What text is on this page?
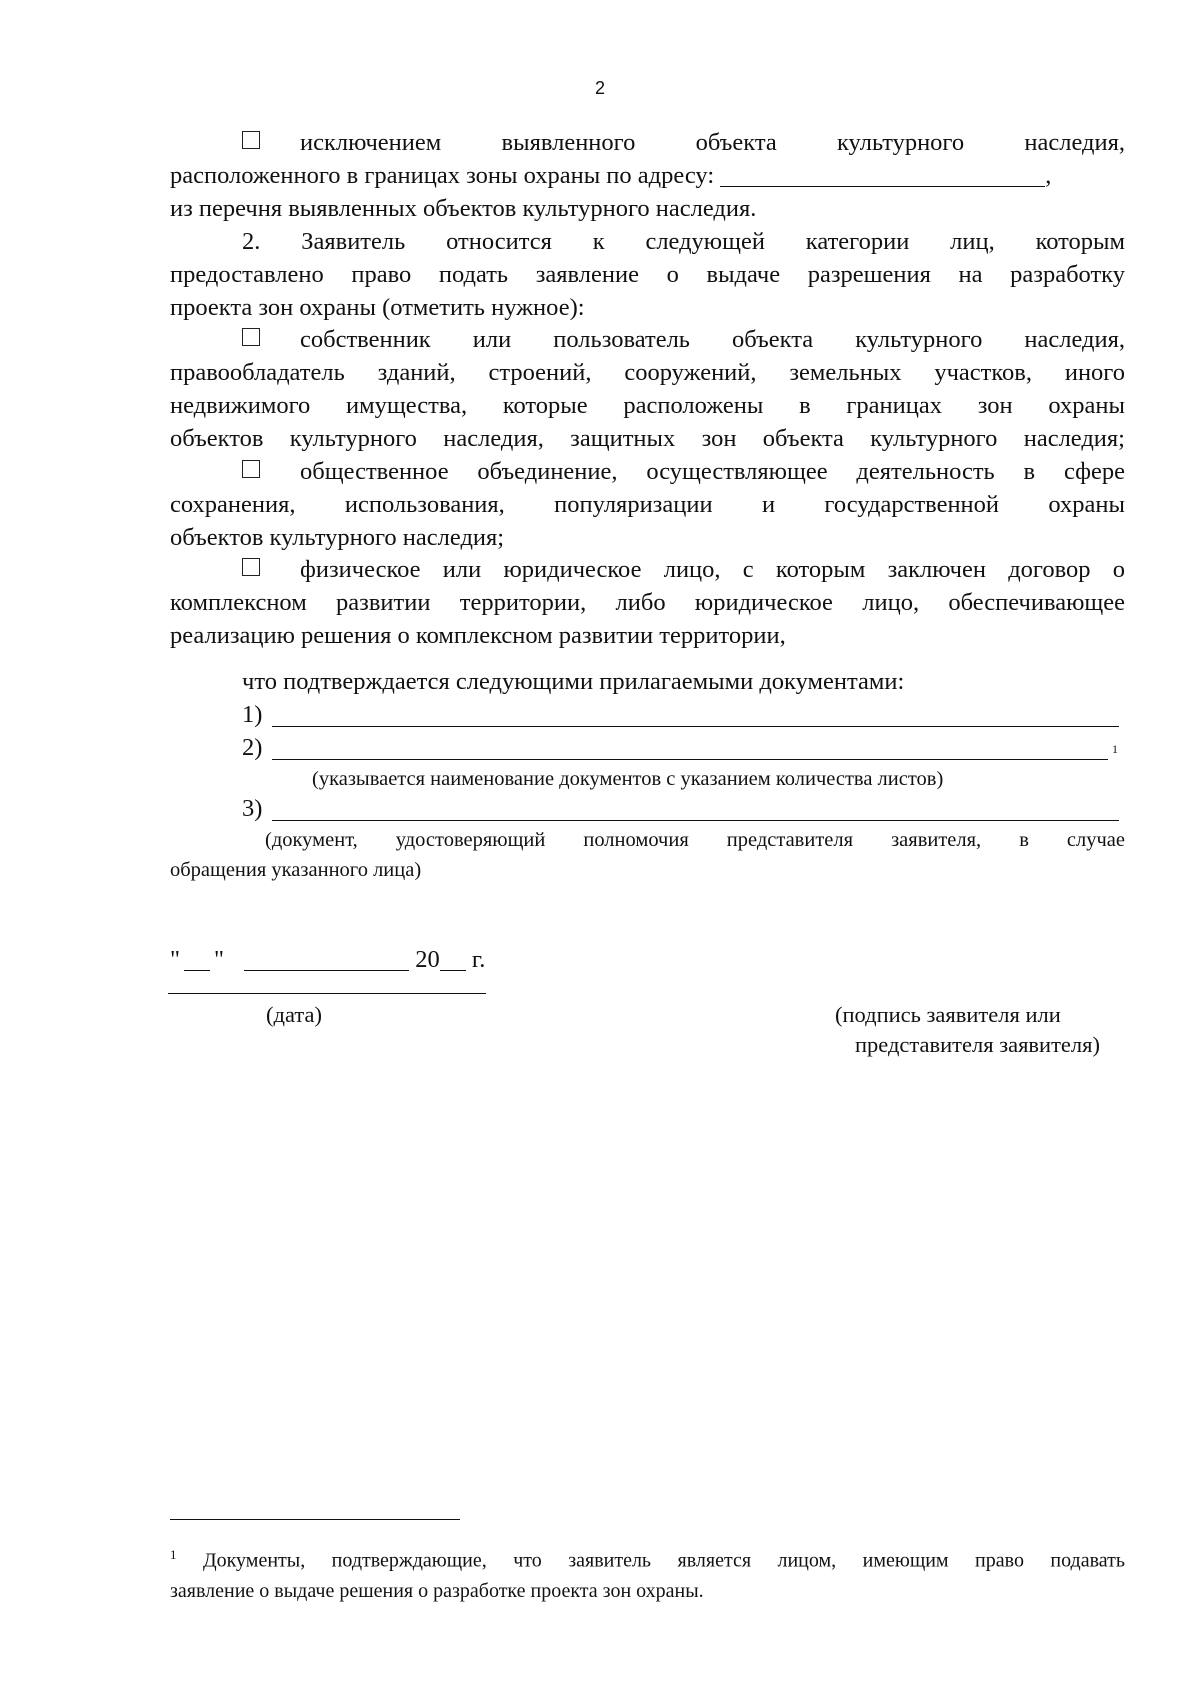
2
исключением выявленного объекта культурного наследия,
расположенного в границах зоны охраны по адресу:	,
из перечня выявленных объектов культурного наследия.
2. Заявитель относится к следующей категории лиц, которым
предоставлено право подать заявление о выдаче разрешения на разработку
проекта зон охраны (отметить нужное):
собственник или пользователь объекта культурного наследия,
правообладатель зданий, строений, сооружений, земельных участков, иного
недвижимого имущества, которые расположены в границах зон охраны
объектов культурного наследия, защитных зон объекта культурного наследия;
общественное объединение, осуществляющее деятельность в сфере
сохранения, использования, популяризации и государственной охраны
объектов культурного наследия;
физическое или юридическое лицо, с которым заключен договор о
комплексном развитии территории, либо юридическое лицо, обеспечивающее
реализацию решения о комплексном развитии территории,
что подтверждается следующими прилагаемыми документами:
1)
2)	1
(указывается наименование документов с указанием количества листов)
3)
(документ, удостоверяющий полномочия представителя заявителя, в случае
обращения указанного лица)
" "	20 г.
(дата)	(подпись заявителя или
представителя заявителя)
$^1$ Документы, подтверждающие, что заявитель является лицом, имеющим право подавать
заявление о выдаче решения о разработке проекта зон охраны.
